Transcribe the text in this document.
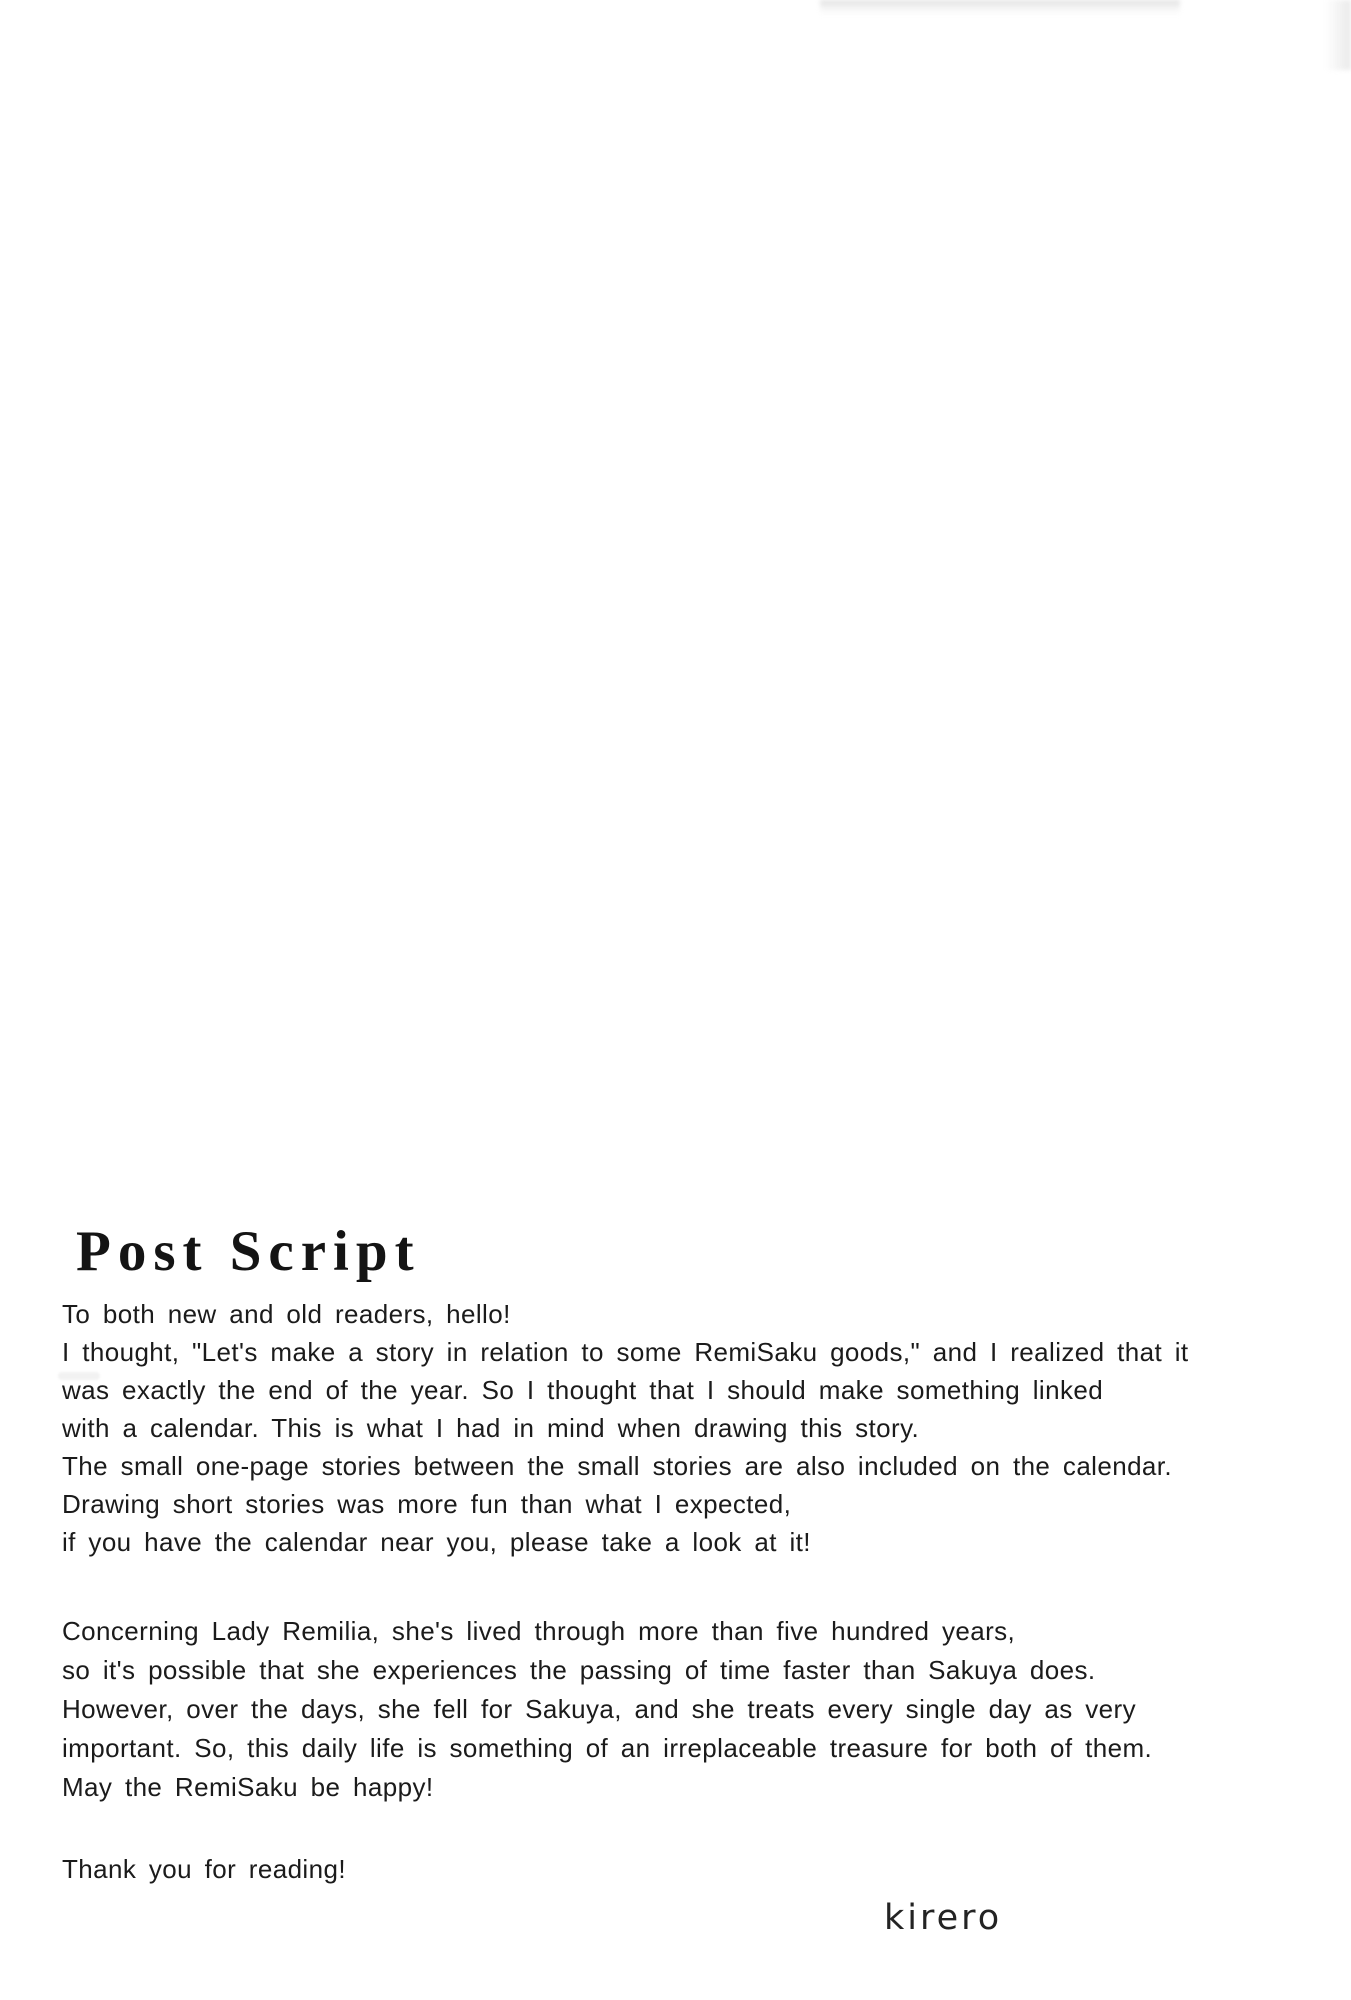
Post Script
To both new and old readers, hello!
I thought, "Let's make a story in relation to some RemiSaku goods," and I realized that it
was exactly the end of the year. So I thought that I should make something linked
with a calendar. This is what I had in mind when drawing this story.
The small one-page stories between the small stories are also included on the calendar.
Drawing short stories was more fun than what I expected,
if you have the calendar near you, please take a look at it!
Concerning Lady Remilia, she's lived through more than five hundred years,
so it's possible that she experiences the passing of time faster than Sakuya does.
However, over the days, she fell for Sakuya, and she treats every single day as very
important. So, this daily life is something of an irreplaceable treasure for both of them.
May the RemiSaku be happy!
Thank you for reading!
kirero
